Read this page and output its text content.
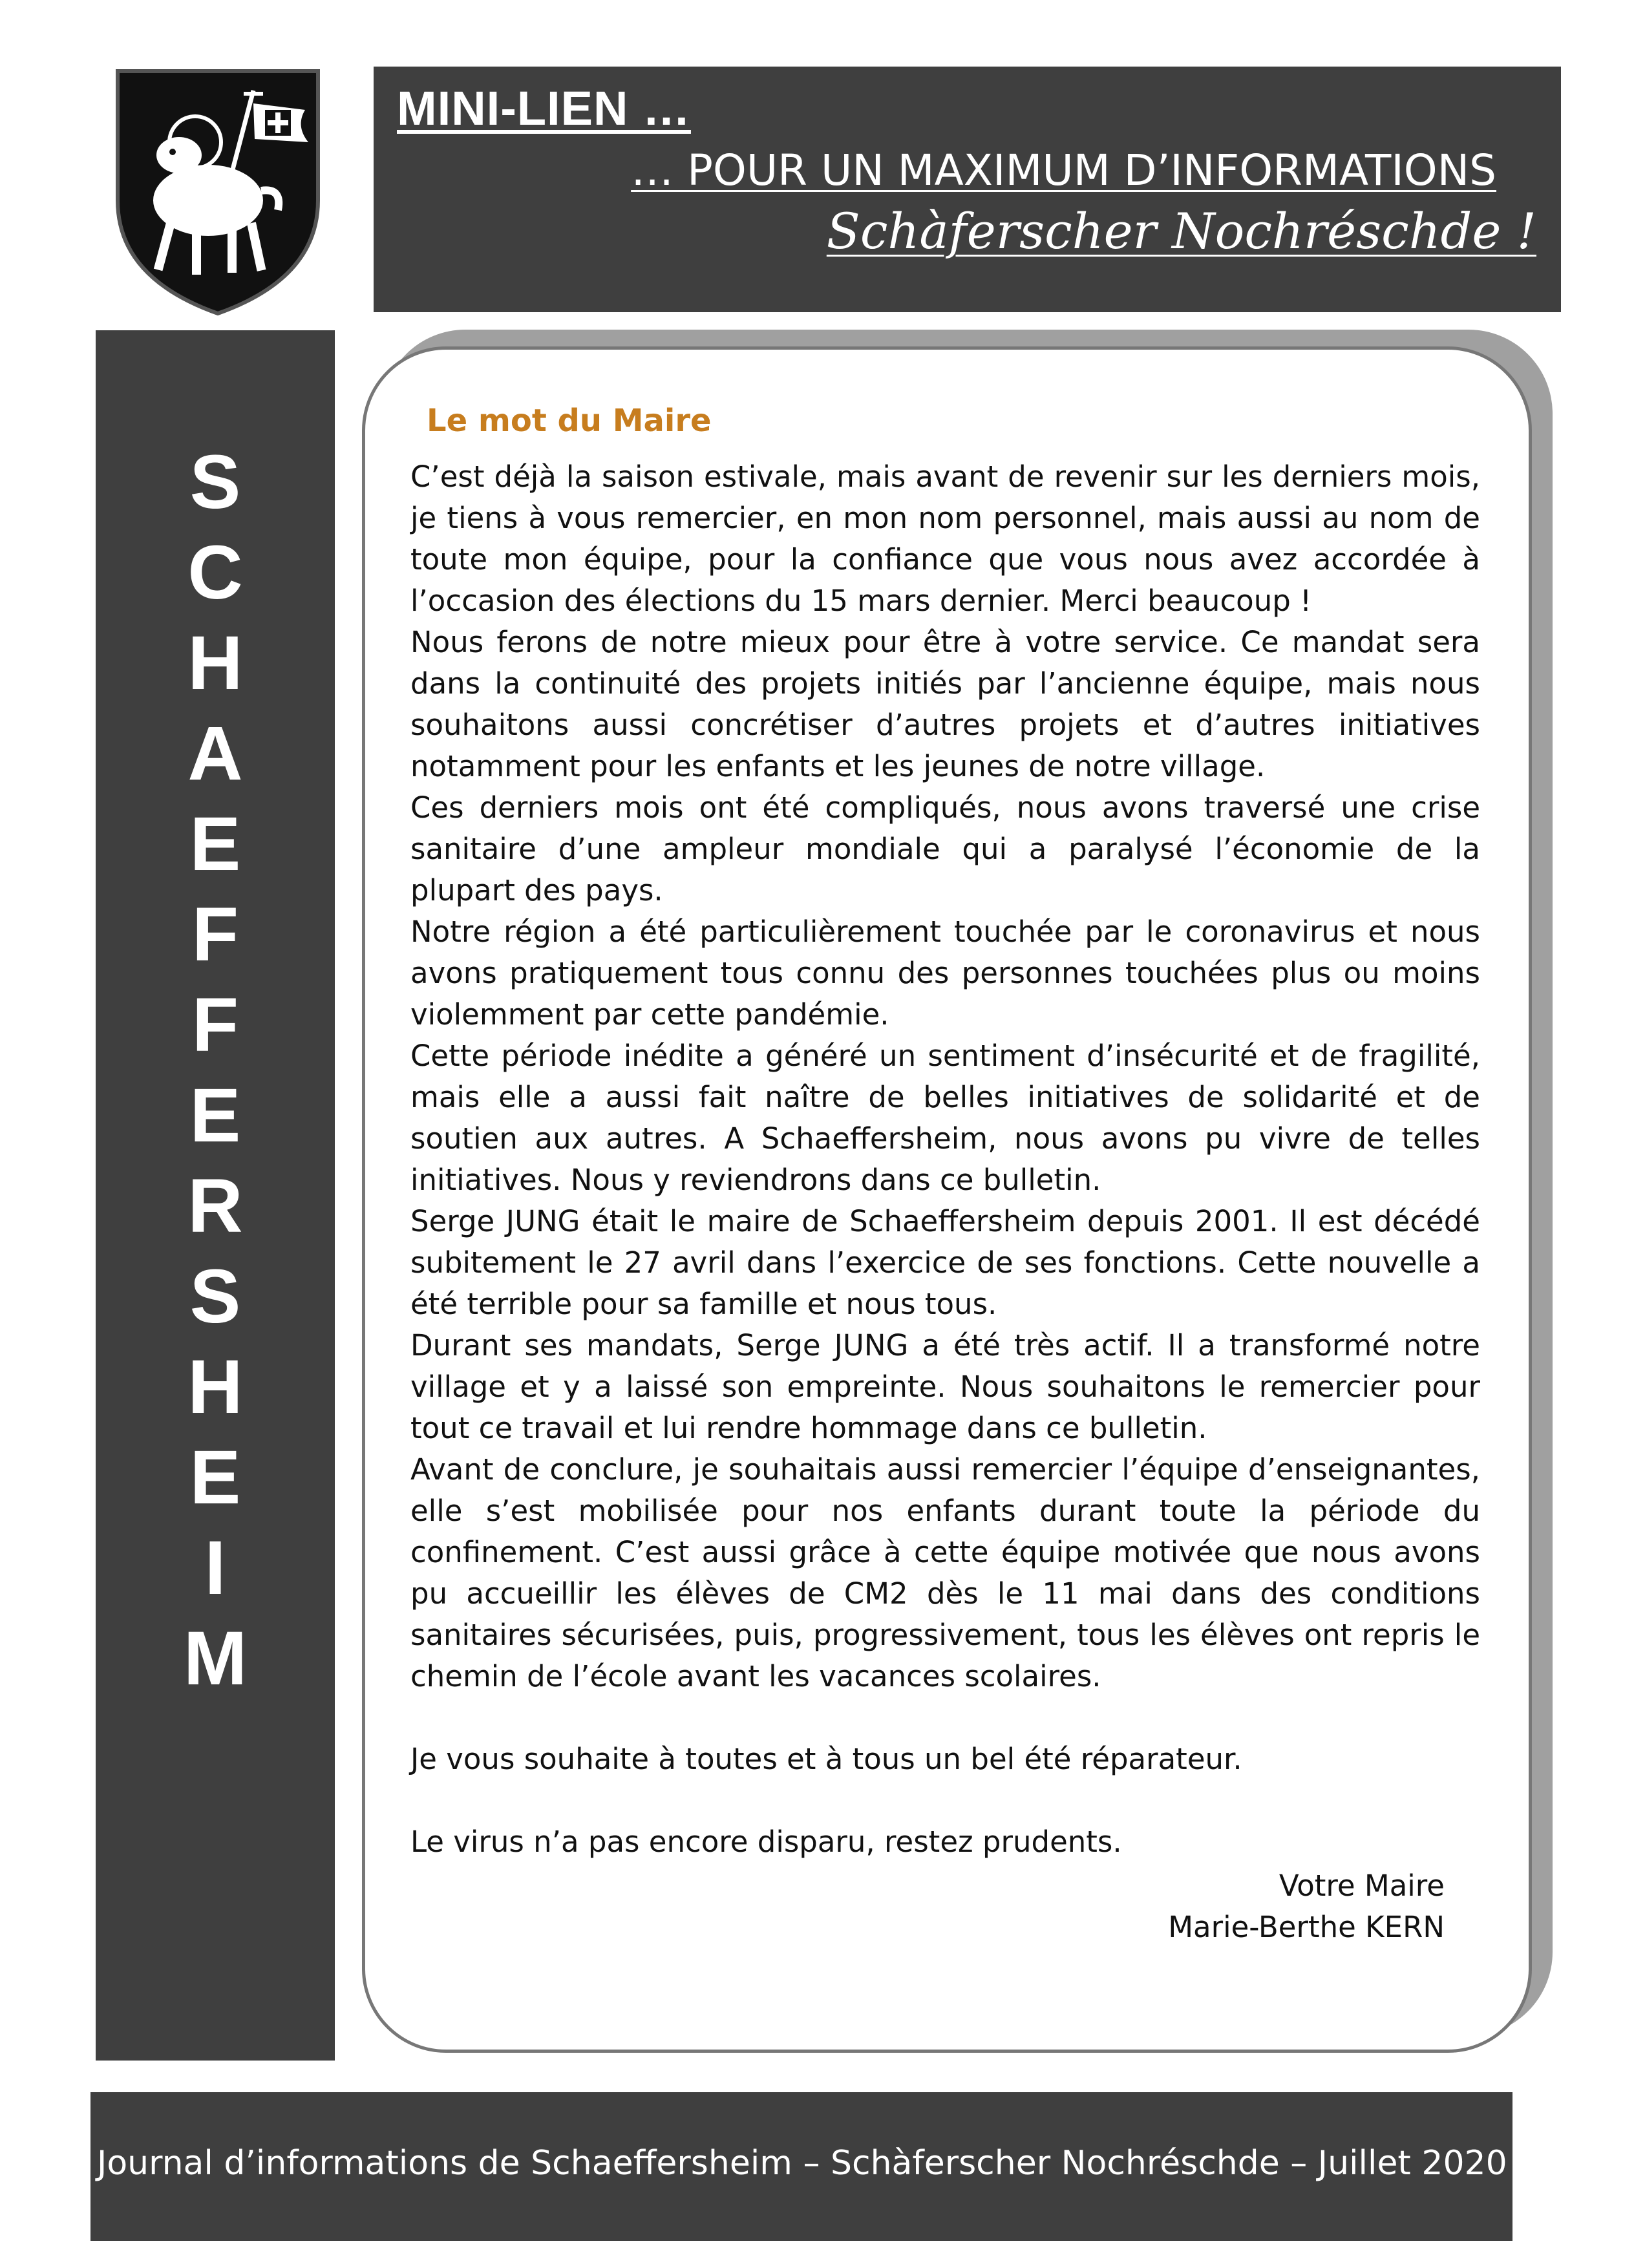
MINI-LIEN …
… POUR UN MAXIMUM D’INFORMATIONS
Schàferscher Nochréschde !
S
C
H
A
E
F
F
E
R
S
H
E
I
M
Le mot du Maire

C’est déjà la saison estivale, mais avant de revenir sur les derniers mois, je tiens à vous remercier, en mon nom personnel, mais aussi au nom de toute mon équipe, pour la confiance que vous nous avez accordée à l’occasion des élections du 15 mars dernier. Merci beaucoup !

Nous ferons de notre mieux pour être à votre service. Ce mandat sera dans la continuité des projets initiés par l’ancienne équipe, mais nous souhaitons aussi concrétiser d’autres projets et d’autres initiatives notamment pour les enfants et les jeunes de notre village.

Ces derniers mois ont été compliqués, nous avons traversé une crise sanitaire d’une ampleur mondiale qui a paralysé l’économie de la plupart des pays.

Notre région a été particulièrement touchée par le coronavirus et nous avons pratiquement tous connu des personnes touchées plus ou moins violemment par cette pandémie.

Cette période inédite a généré un sentiment d’insécurité et de fragilité, mais elle a aussi fait naître de belles initiatives de solidarité et de soutien aux autres. A Schaeffersheim, nous avons pu vivre de telles initiatives. Nous y reviendrons dans ce bulletin.

Serge JUNG était le maire de Schaeffersheim depuis 2001. Il est décédé subitement le 27 avril dans l’exercice de ses fonctions. Cette nouvelle a été terrible pour sa famille et nous tous.

Durant ses mandats, Serge JUNG a été très actif. Il a transformé notre village et y a laissé son empreinte. Nous souhaitons le remercier pour tout ce travail et lui rendre hommage dans ce bulletin.

Avant de conclure, je souhaitais aussi remercier l’équipe d’enseignantes, elle s’est mobilisée pour nos enfants durant toute la période du confinement. C’est aussi grâce à cette équipe motivée que nous avons pu accueillir les élèves de CM2 dès le 11 mai dans des conditions sanitaires sécurisées, puis, progressivement, tous les élèves ont repris le chemin de l’école avant les vacances scolaires.

Je vous souhaite à toutes et à tous un bel été réparateur.

Le virus n’a pas encore disparu, restez prudents.

Votre Maire
Marie-Berthe KERN
Journal d’informations de Schaeffersheim – Schàferscher Nochréschde – Juillet 2020 – N° 95
